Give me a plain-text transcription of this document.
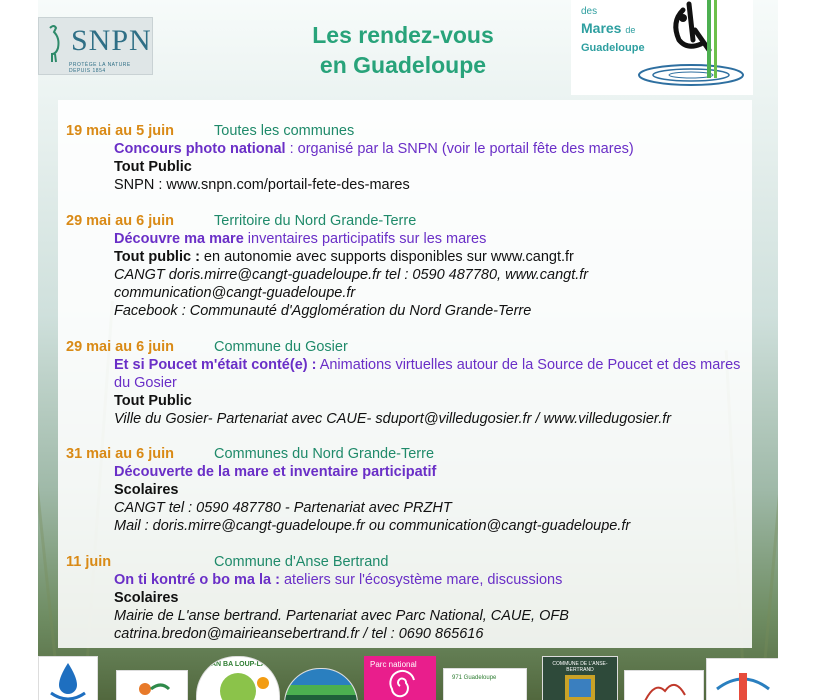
SNPN
PROTÈGE LA NATURE DEPUIS 1854
Les rendez-vous
en Guadeloupe
des
Mares de
Guadeloupe
19 mai au 5 juin	Toutes les communes
Concours photo national : organisé par la SNPN (voir le portail fête des mares)
Tout Public
SNPN : www.snpn.com/portail-fete-des-mares
29 mai au 6 juin	Territoire du Nord Grande-Terre
Découvre ma mare inventaires participatifs sur les mares
Tout public : en autonomie avec supports disponibles sur www.cangt.fr
CANGT doris.mirre@cangt-guadeloupe.fr tel : 0590 487780, www.cangt.fr
communication@cangt-guadeloupe.fr
Facebook : Communauté d'Agglomération du Nord Grande-Terre
29 mai au 6 juin	Commune du Gosier
Et si Poucet m'était conté(e) : Animations virtuelles autour de la Source de Poucet et des mares du Gosier
Tout Public
Ville du Gosier- Partenariat avec CAUE- sduport@villedugosier.fr / www.villedugosier.fr
31 mai au 6 juin	Communes du Nord Grande-Terre
Découverte de la mare et inventaire participatif
Scolaires
CANGT tel : 0590 487780 - Partenariat avec PRZHT
Mail : doris.mirre@cangt-guadeloupe.fr ou communication@cangt-guadeloupe.fr
11 juin	Commune d'Anse Bertrand
On ti kontré o bo ma la : ateliers sur l'écosystème mare, discussions
Scolaires
Mairie de L'anse bertrand. Partenariat avec Parc National, CAUE, OFB
catrina.bredon@mairieansebertrand.fr / tel : 0690 865616
AN BA LOUP-LA	Parc national
971 Guadeloupe
COMMUNE DE L'ANSE-BERTRAND
